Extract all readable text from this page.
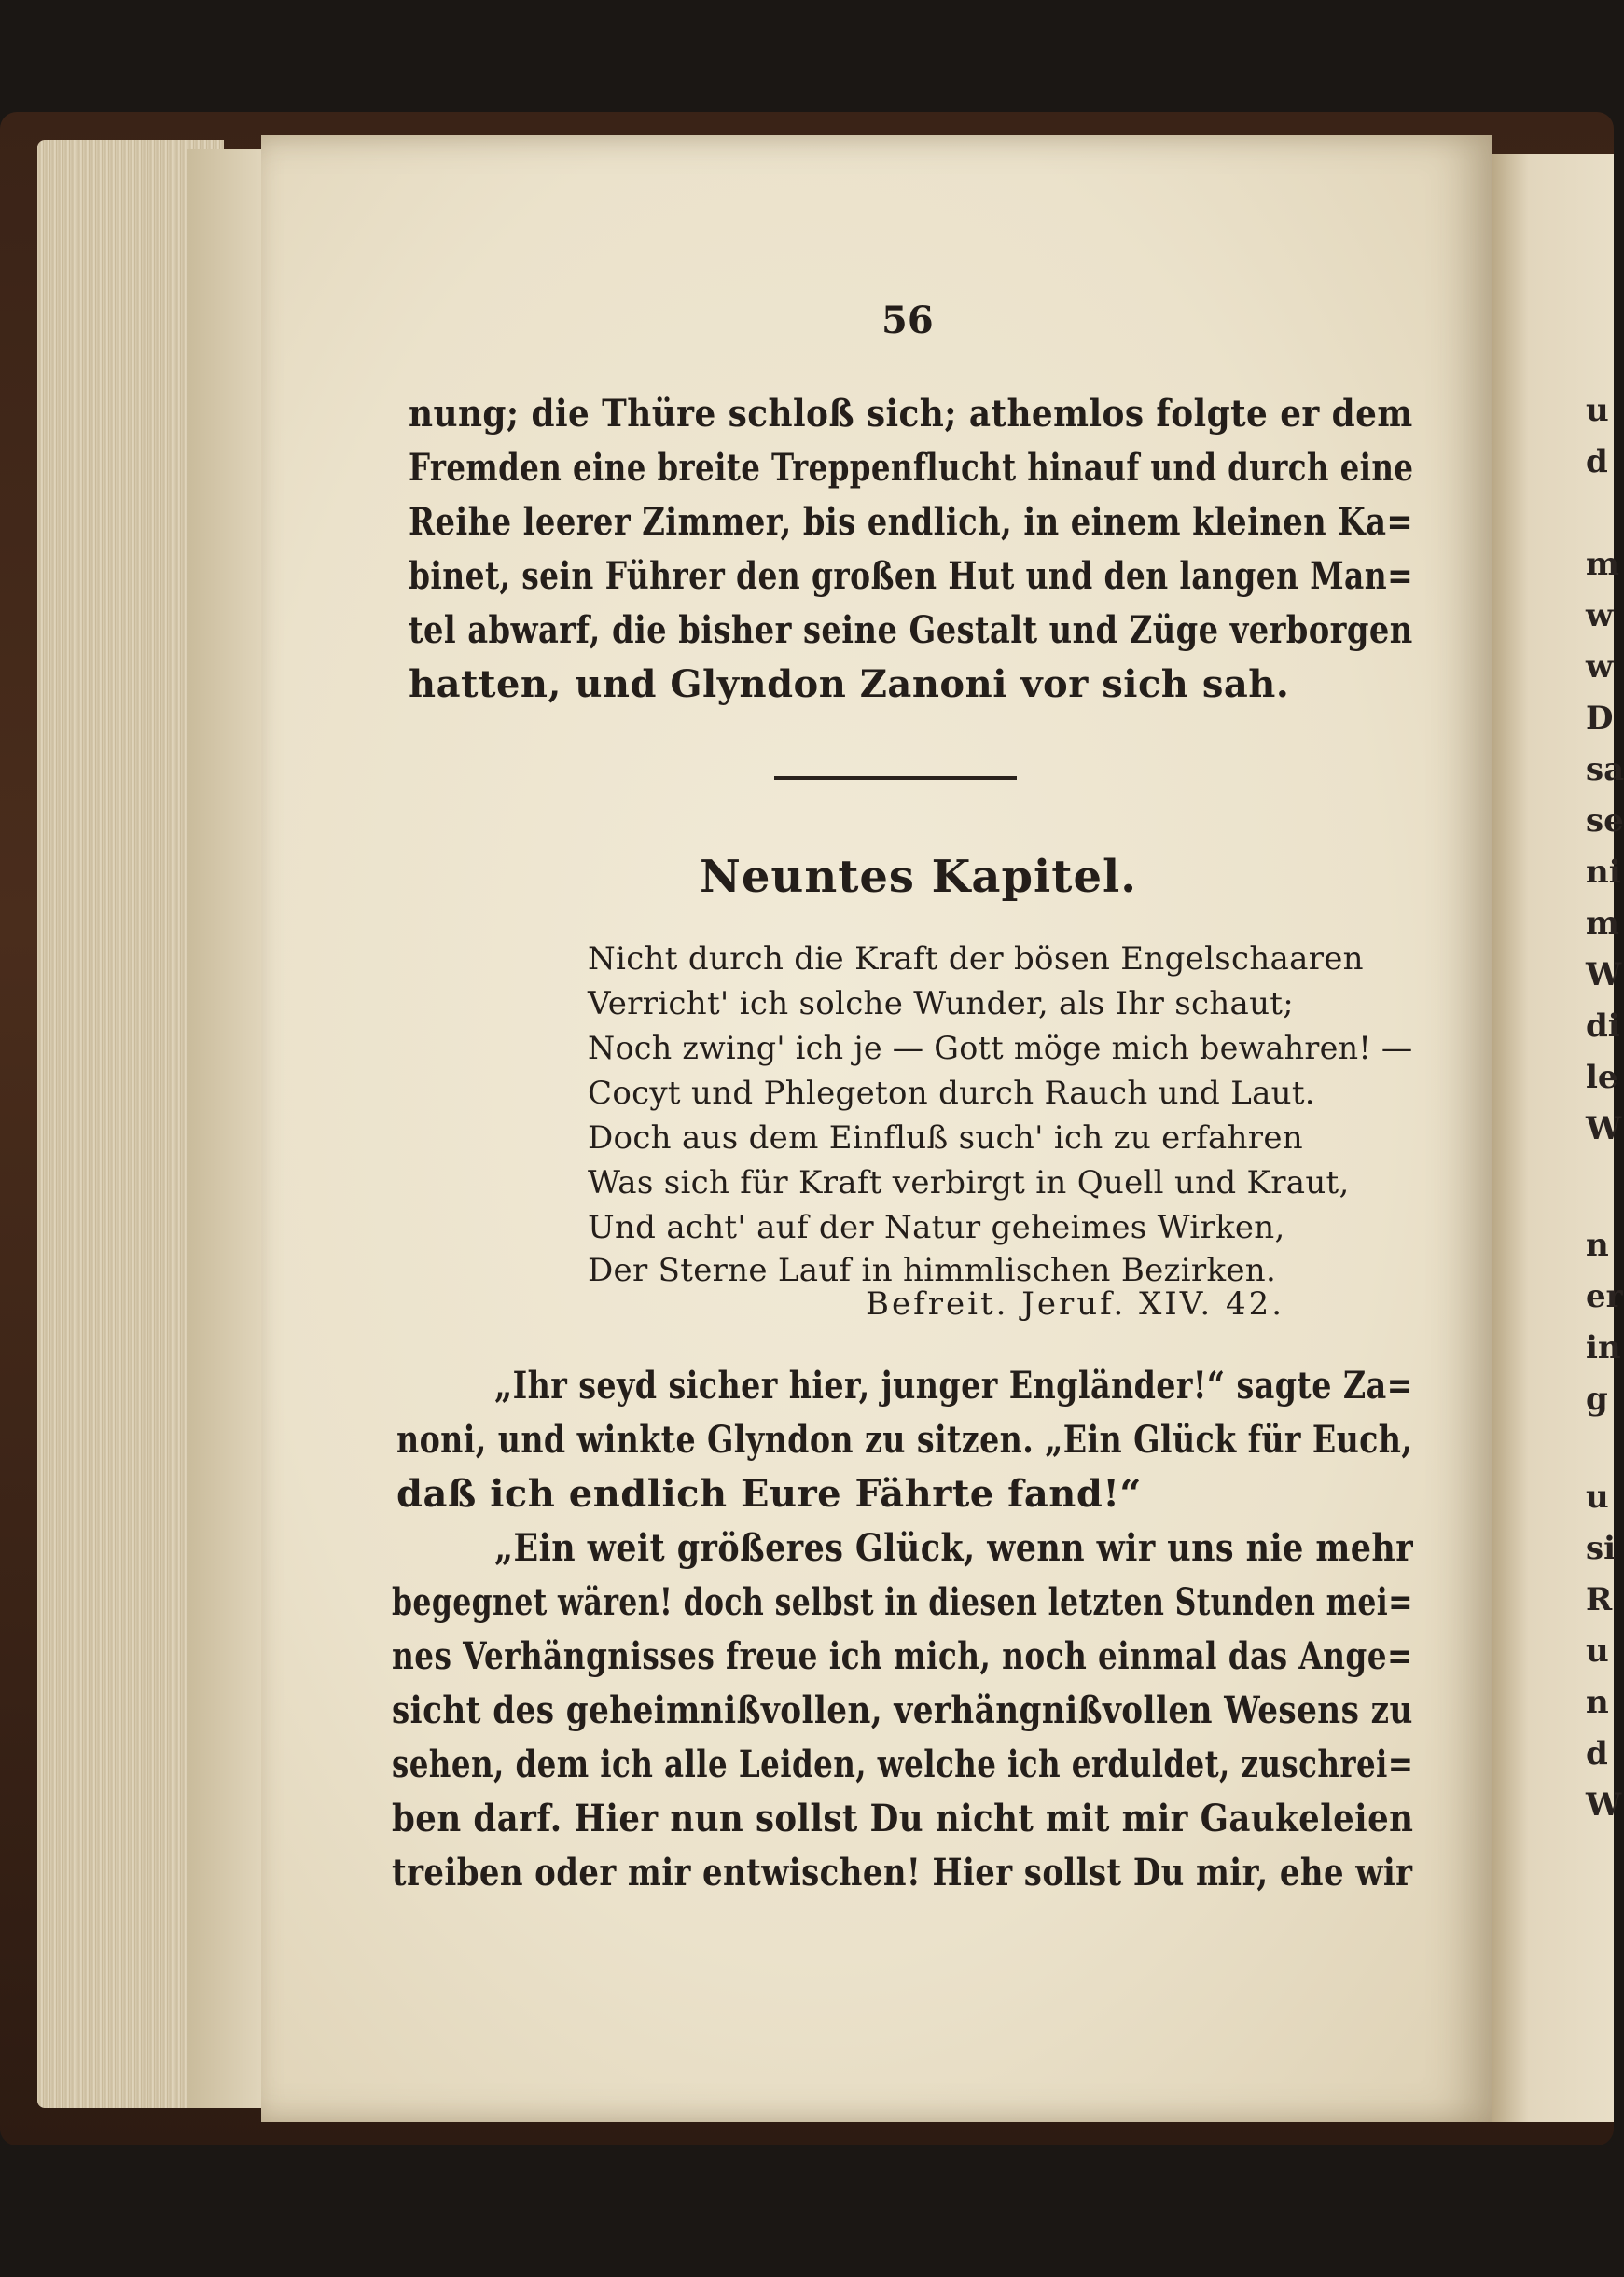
u
d
m
w
w
D
sa
se
ni
m
W
di
le
W
n
er
in
g
u
si
R
u
n
d
W
56
nung; die Thüre schloß sich; athemlos folgte er dem
Fremden eine breite Treppenflucht hinauf und durch eine
Reihe leerer Zimmer, bis endlich, in einem kleinen Ka=
binet, sein Führer den großen Hut und den langen Man=
tel abwarf, die bisher seine Gestalt und Züge verborgen
hatten, und Glyndon Zanoni vor sich sah.
Neuntes Kapitel.
Nicht durch die Kraft der bösen Engelschaaren
Verricht' ich solche Wunder, als Ihr schaut;
Noch zwing' ich je — Gott möge mich bewahren! —
Cocyt und Phlegeton durch Rauch und Laut.
Doch aus dem Einfluß such' ich zu erfahren
Was sich für Kraft verbirgt in Quell und Kraut,
Und acht' auf der Natur geheimes Wirken,
Der Sterne Lauf in himmlischen Bezirken.
Befreit. Jeruf. XIV. 42.
„Ihr seyd sicher hier, junger Engländer!“ sagte Za=
noni, und winkte Glyndon zu sitzen. „Ein Glück für Euch,
daß ich endlich Eure Fährte fand!“
„Ein weit größeres Glück, wenn wir uns nie mehr
begegnet wären! doch selbst in diesen letzten Stunden mei=
nes Verhängnisses freue ich mich, noch einmal das Ange=
sicht des geheimnißvollen, verhängnißvollen Wesens zu
sehen, dem ich alle Leiden, welche ich erduldet, zuschrei=
ben darf. Hier nun sollst Du nicht mit mir Gaukeleien
treiben oder mir entwischen! Hier sollst Du mir, ehe wir
